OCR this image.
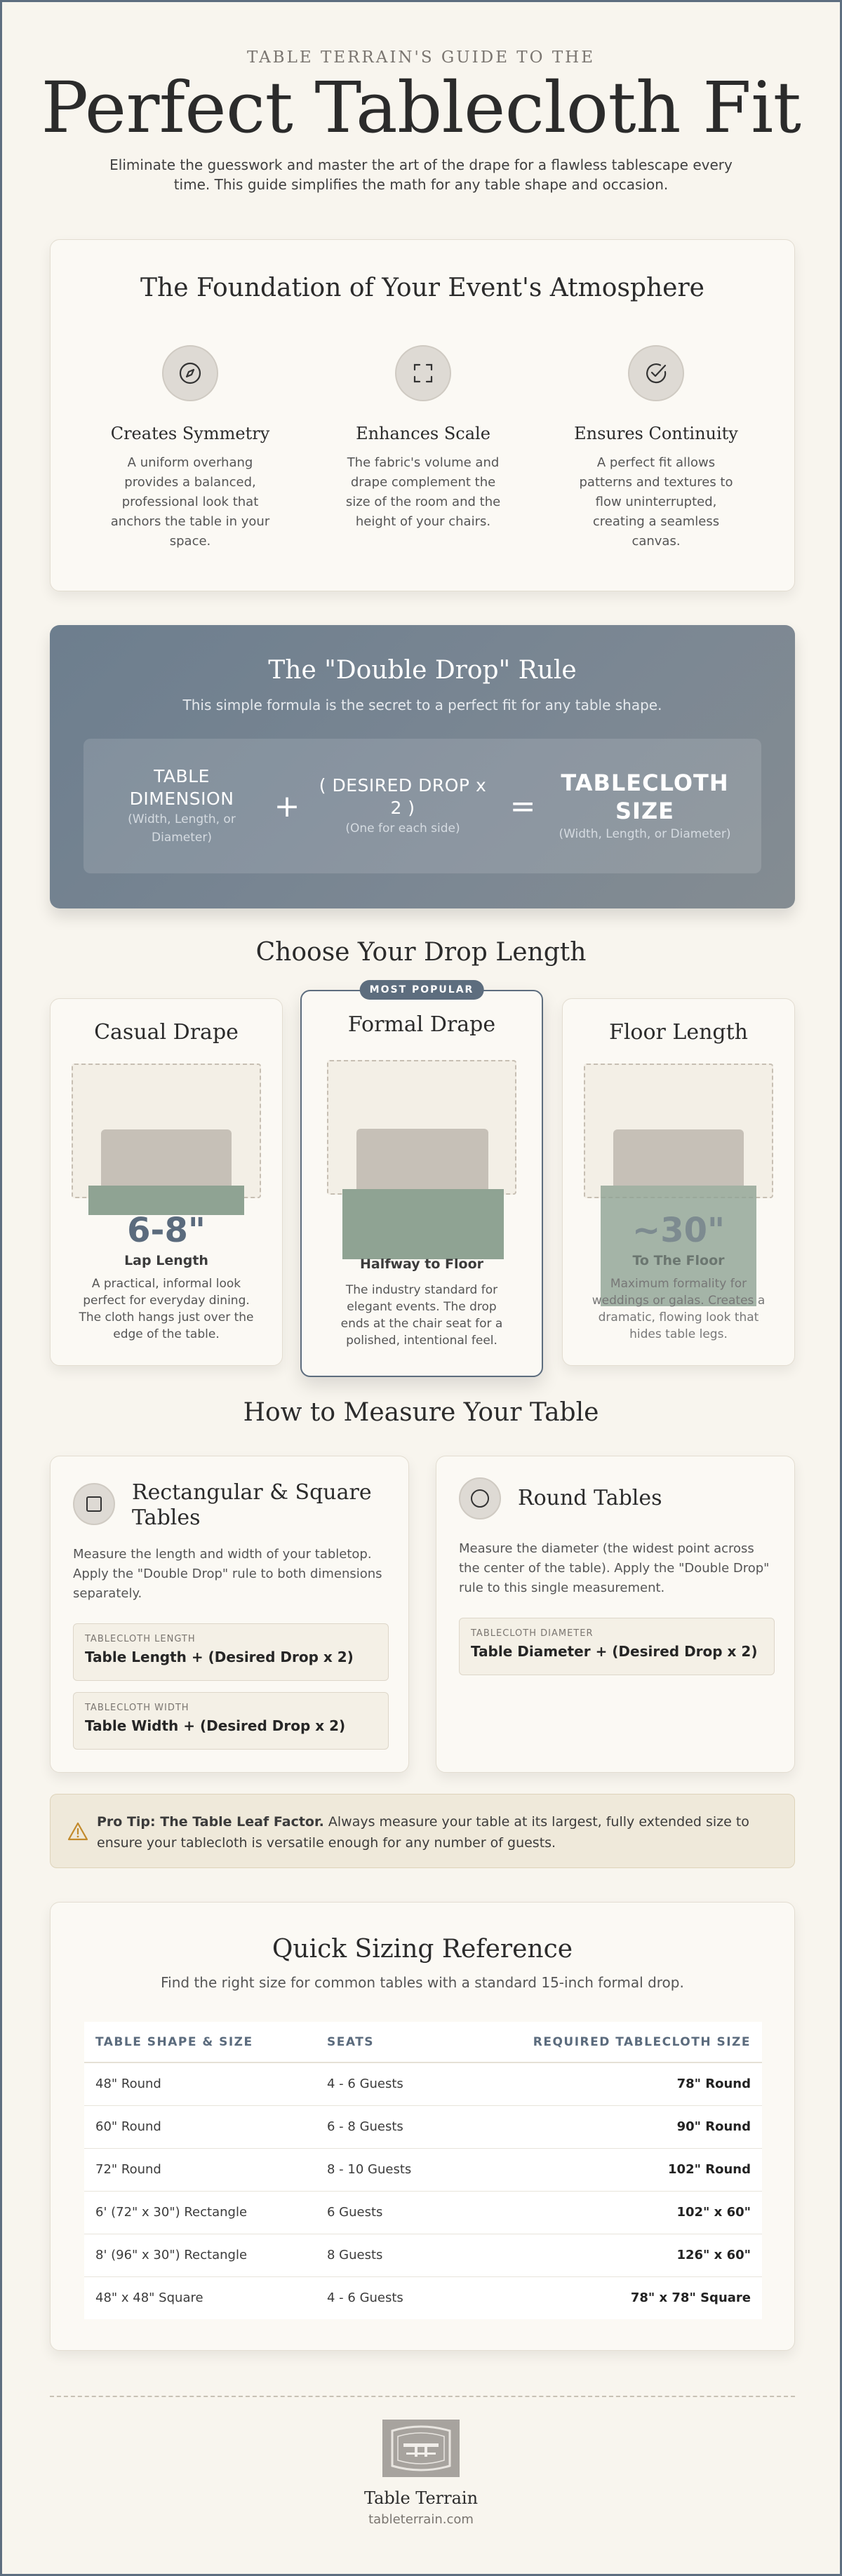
TABLE TERRAIN'S GUIDE TO THE
Perfect Tablecloth Fit
Eliminate the guesswork and master the art of the drape for a flawless tablescape every time. This guide simplifies the math for any table shape and occasion.
The Foundation of Your Event's Atmosphere
Creates Symmetry
A uniform overhang provides a balanced, professional look that anchors the table in your space.
Enhances Scale
The fabric's volume and drape complement the size of the room and the height of your chairs.
Ensures Continuity
A perfect fit allows patterns and textures to flow uninterrupted, creating a seamless canvas.
The "Double Drop" Rule
This simple formula is the secret to a perfect fit for any table shape.
TABLE DIMENSION
(Width, Length, or Diameter)
+
( DESIRED DROP x 2 )
(One for each side)
=
TABLECLOTH SIZE
(Width, Length, or Diameter)
Choose Your Drop Length
Casual Drape
6-8"
Lap Length
A practical, informal look perfect for everyday dining. The cloth hangs just over the edge of the table.
MOST POPULAR
Formal Drape
Halfway to Floor
The industry standard for elegant events. The drop ends at the chair seat for a polished, intentional feel.
Floor Length
~30"
To The Floor
Maximum formality for weddings or galas. Creates a dramatic, flowing look that hides table legs.
How to Measure Your Table
Rectangular & Square Tables
Measure the length and width of your tabletop. Apply the "Double Drop" rule to both dimensions separately.
TABLECLOTH LENGTH
Table Length + (Desired Drop x 2)
TABLECLOTH WIDTH
Table Width + (Desired Drop x 2)
Round Tables
Measure the diameter (the widest point across the center of the table). Apply the "Double Drop" rule to this single measurement.
TABLECLOTH DIAMETER
Table Diameter + (Desired Drop x 2)
Pro Tip: The Table Leaf Factor. Always measure your table at its largest, fully extended size to ensure your tablecloth is versatile enough for any number of guests.
Quick Sizing Reference
Find the right size for common tables with a standard 15-inch formal drop.
TABLE SHAPE & SIZE	SEATS	REQUIRED TABLECLOTH SIZE
48" Round	4 - 6 Guests	78" Round
60" Round	6 - 8 Guests	90" Round
72" Round	8 - 10 Guests	102" Round
6' (72" x 30") Rectangle	6 Guests	102" x 60"
8' (96" x 30") Rectangle	8 Guests	126" x 60"
48" x 48" Square	4 - 6 Guests	78" x 78" Square
Table Terrain
tableterrain.com
